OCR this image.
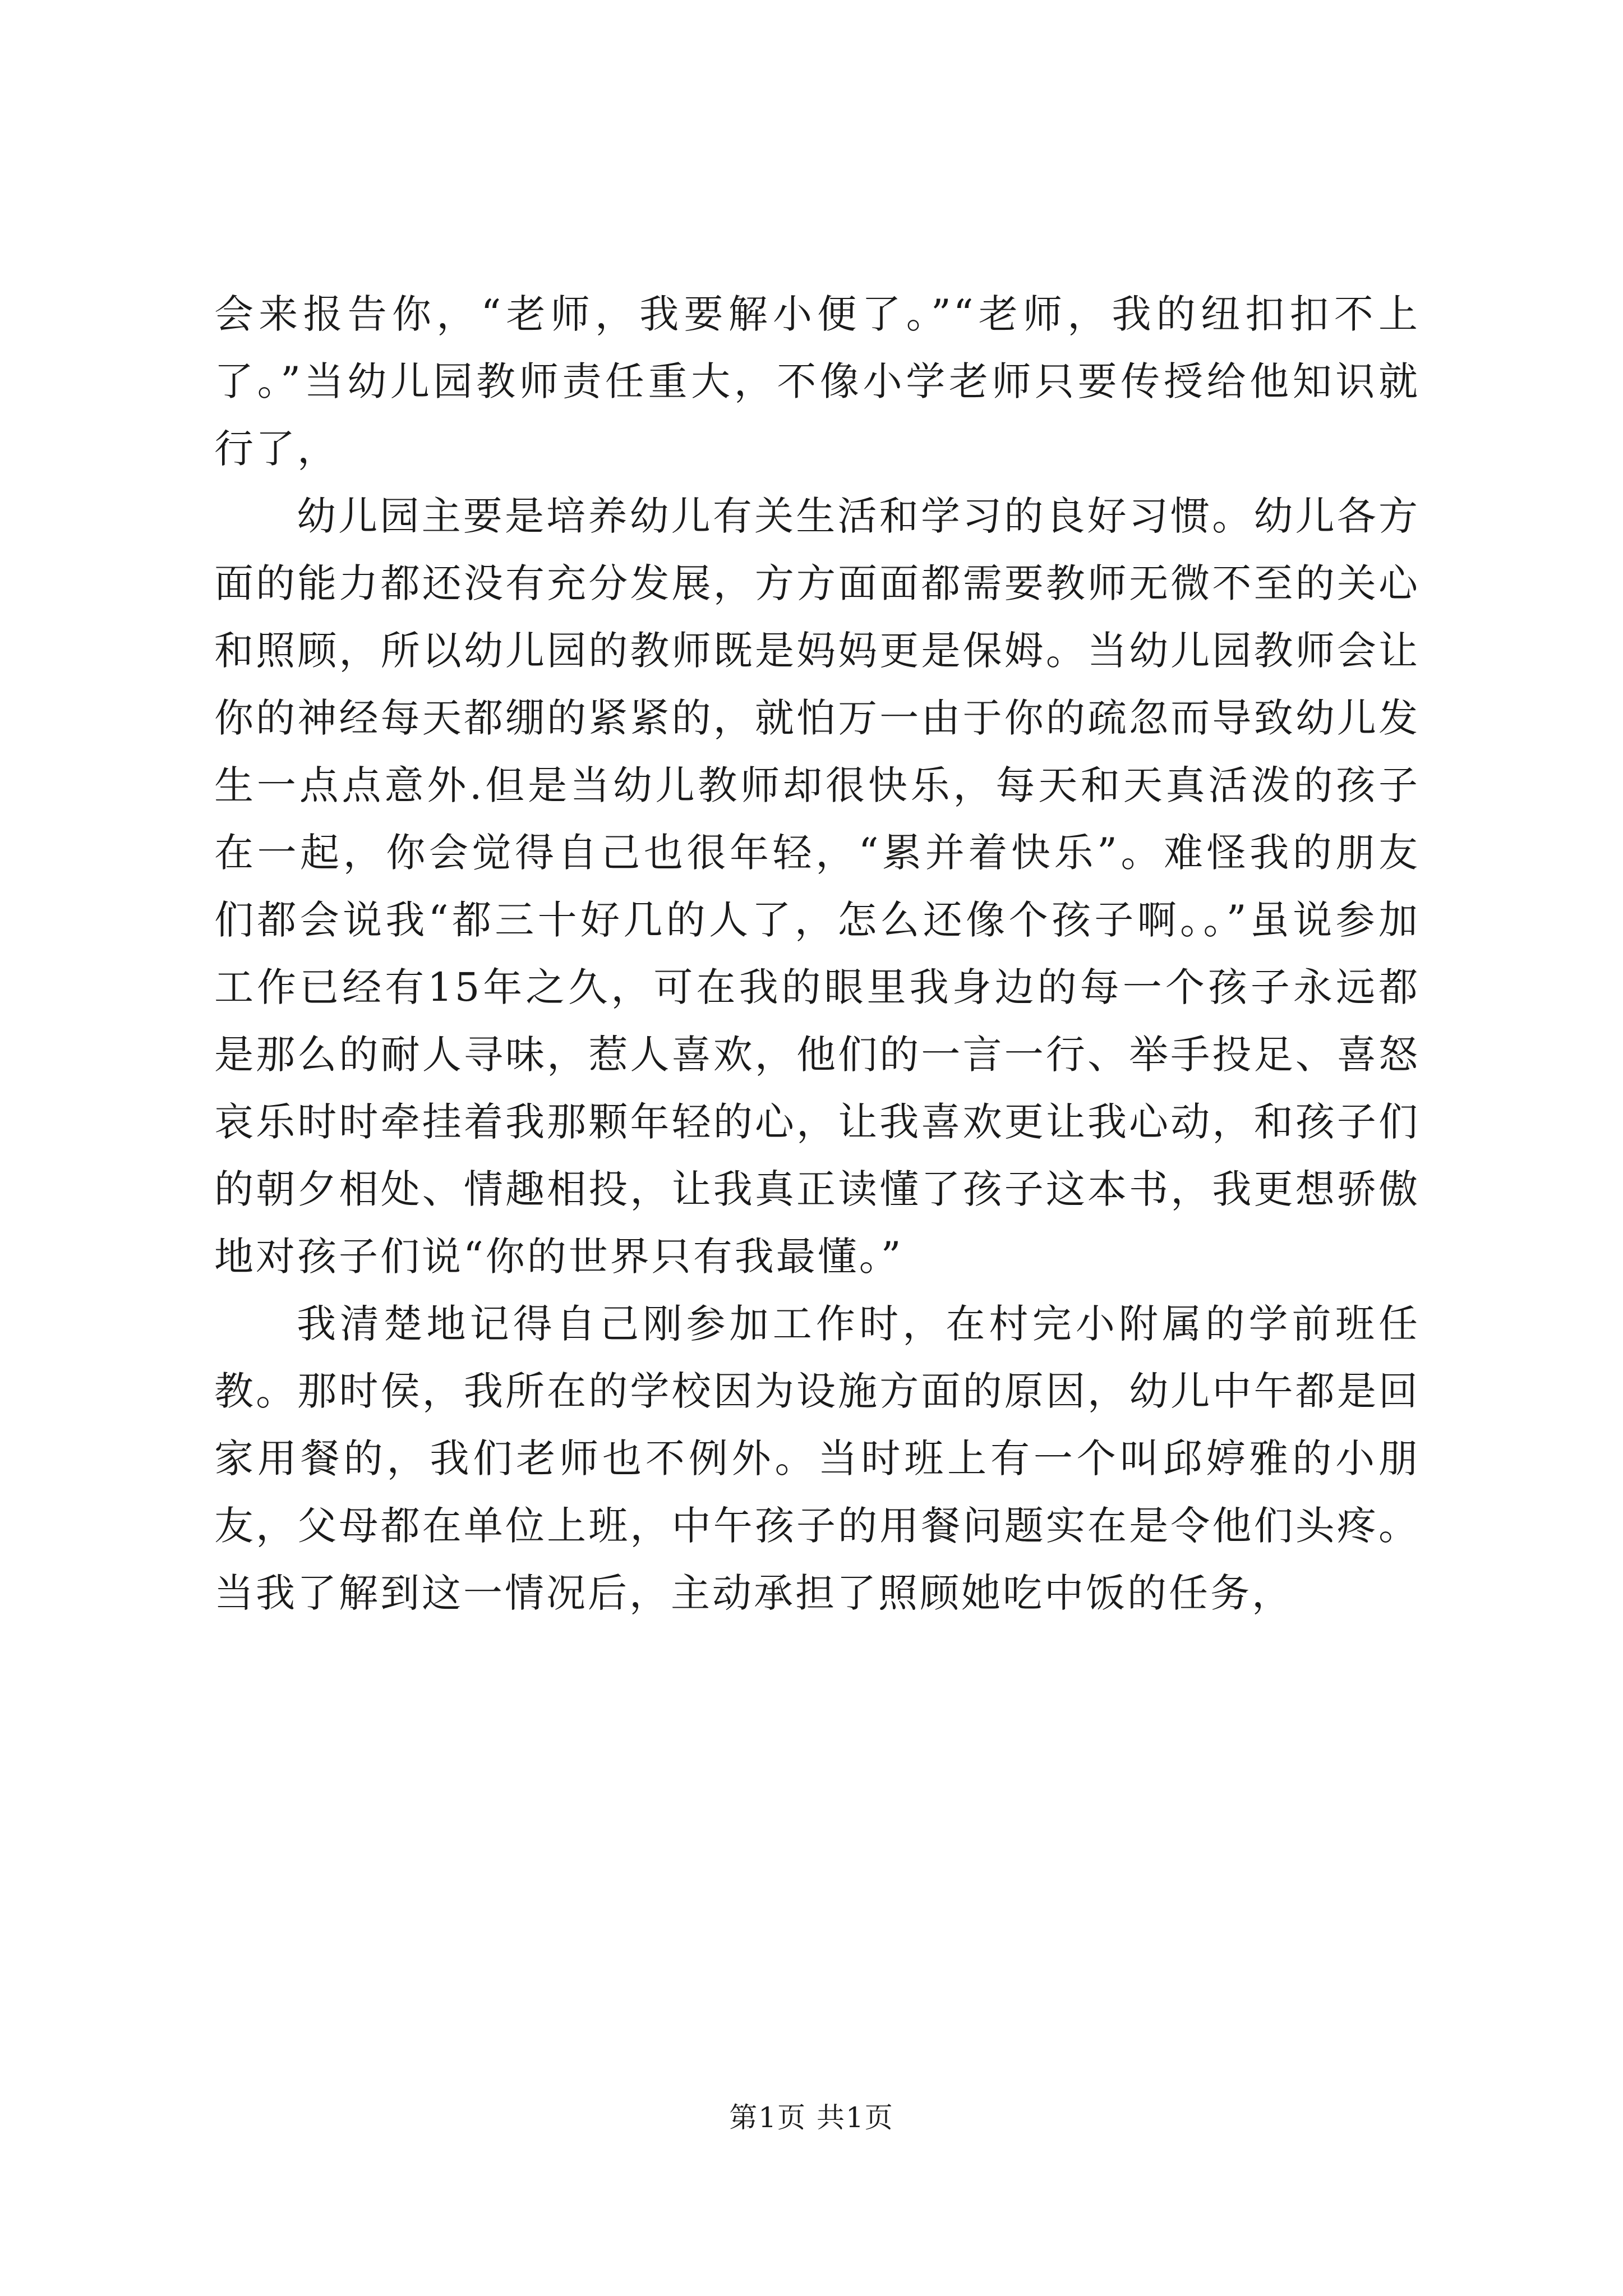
会来报告你，“老师，我要解小便了。”“老师，我的纽扣扣不上了。”当幼儿园教师责任重大，不像小学老师只要传授给他知识就行了，

幼儿园主要是培养幼儿有关生活和学习的良好习惯。幼儿各方面的能力都还没有充分发展，方方面面都需要教师无微不至的关心和照顾，所以幼儿园的教师既是妈妈更是保姆。当幼儿园教师会让你的神经每天都绷的紧紧的，就怕万一由于你的疏忽而导致幼儿发生一点点意外.但是当幼儿教师却很快乐，每天和天真活泼的孩子在一起，你会觉得自己也很年轻，“累并着快乐”。难怪我的朋友们都会说我“都三十好几的人了，怎么还像个孩子啊。。”虽说参加工作已经有15年之久，可在我的眼里我身边的每一个孩子永远都是那么的耐人寻味，惹人喜欢，他们的一言一行、举手投足、喜怒哀乐时时牵挂着我那颗年轻的心，让我喜欢更让我心动，和孩子们的朝夕相处、情趣相投，让我真正读懂了孩子这本书，我更想骄傲地对孩子们说“你的世界只有我最懂。”

我清楚地记得自己刚参加工作时，在村完小附属的学前班任教。那时侯，我所在的学校因为设施方面的原因，幼儿中午都是回家用餐的，我们老师也不例外。当时班上有一个叫邱婷雅的小朋友，父母都在单位上班，中午孩子的用餐问题实在是令他们头疼。当我了解到这一情况后，主动承担了照顾她吃中饭的任务，

第1页 共1页
